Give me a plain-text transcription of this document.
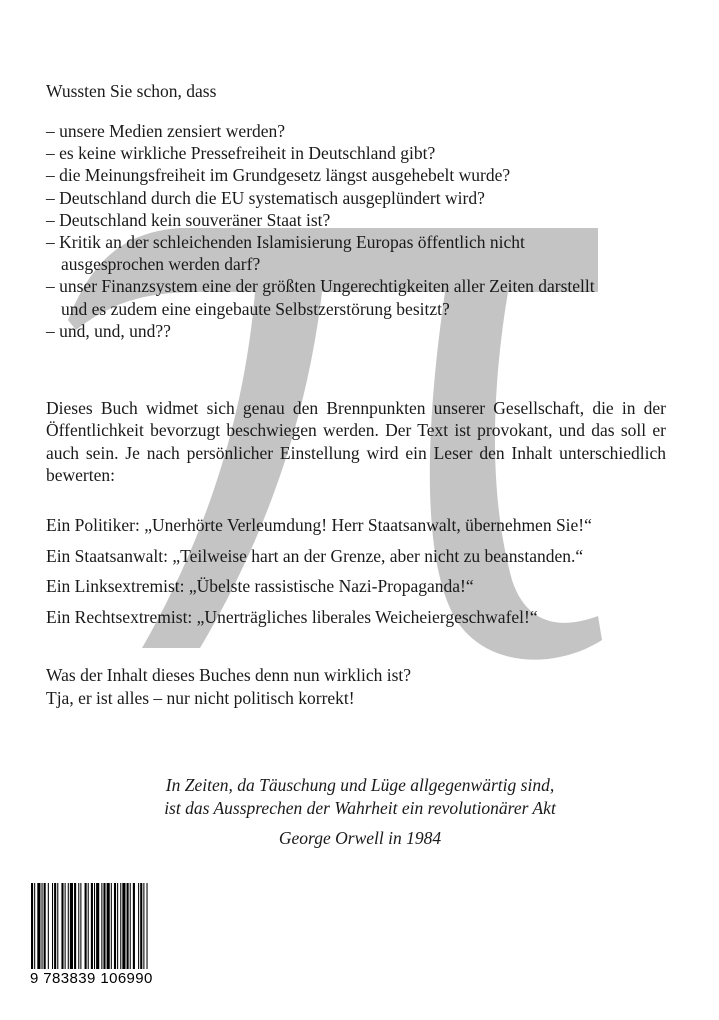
Wussten Sie schon, dass
– unsere Medien zensiert werden?
– es keine wirkliche Pressefreiheit in Deutschland gibt?
– die Meinungsfreiheit im Grundgesetz längst ausgehebelt wurde?
– Deutschland durch die EU systematisch ausgeplündert wird?
– Deutschland kein souveräner Staat ist?
– Kritik an der schleichenden Islamisierung Europas öffentlich nicht
ausgesprochen werden darf?
– unser Finanzsystem eine der größten Ungerechtigkeiten aller Zeiten darstellt
und es zudem eine eingebaute Selbstzerstörung besitzt?
– und, und, und??

Dieses Buch widmet sich genau den Brennpunkten unserer Gesellschaft, die in der Öffentlichkeit bevorzugt beschwiegen werden. Der Text ist provokant, und das soll er auch sein. Je nach persönlicher Einstellung wird ein Leser den Inhalt unterschiedlich bewerten:

Ein Politiker: „Unerhörte Verleumdung! Herr Staatsanwalt, übernehmen Sie!“
Ein Staatsanwalt: „Teilweise hart an der Grenze, aber nicht zu beanstanden.“
Ein Linksextremist: „Übelste rassistische Nazi-Propaganda!“
Ein Rechtsextremist: „Unerträgliches liberales Weicheiergeschwafel!“
Was der Inhalt dieses Buches denn nun wirklich ist?
Tja, er ist alles – nur nicht politisch korrekt!
In Zeiten, da Täuschung und Lüge allgegenwärtig sind,
ist das Aussprechen der Wahrheit ein revolutionärer Akt
George Orwell in 1984
9 783839 106990
